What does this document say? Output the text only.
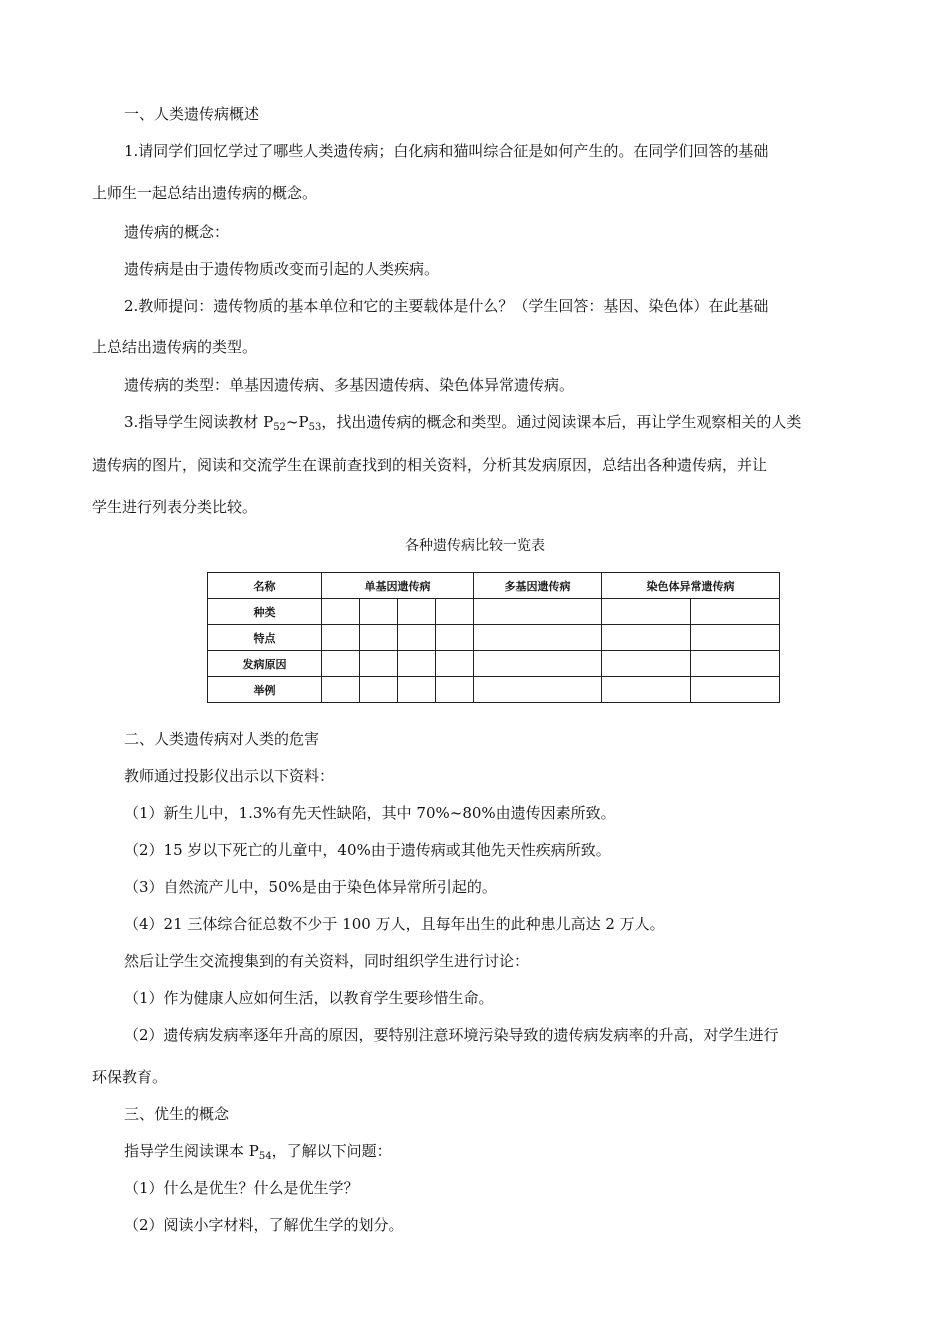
一、人类遗传病概述
1.请同学们回忆学过了哪些人类遗传病；白化病和猫叫综合征是如何产生的。在同学们回答的基础
上师生一起总结出遗传病的概念。
遗传病的概念：
遗传病是由于遗传物质改变而引起的人类疾病。
2.教师提问：遗传物质的基本单位和它的主要载体是什么？（学生回答：基因、染色体）在此基础
上总结出遗传病的类型。
遗传病的类型：单基因遗传病、多基因遗传病、染色体异常遗传病。
3.指导学生阅读教材 $P_{52}\sim P_{53}$，找出遗传病的概念和类型。通过阅读课本后，再让学生观察相关的人类
遗传病的图片，阅读和交流学生在课前查找到的相关资料，分析其发病原因，总结出各种遗传病，并让
学生进行列表分类比较。
各种遗传病比较一览表
名称	单基因遗传病				多基因遗传病	染色体异常遗传病	
种类							
特点							
发病原因							
举例							
二、人类遗传病对人类的危害
教师通过投影仪出示以下资料：
（1）新生儿中，1.3%有先天性缺陷，其中 70%~80%由遗传因素所致。
（2）15 岁以下死亡的儿童中，40%由于遗传病或其他先天性疾病所致。
（3）自然流产儿中，50%是由于染色体异常所引起的。
（4）21 三体综合征总数不少于 100 万人，且每年出生的此种患儿高达 2 万人。
然后让学生交流搜集到的有关资料，同时组织学生进行讨论：
（1）作为健康人应如何生活，以教育学生要珍惜生命。
（2）遗传病发病率逐年升高的原因，要特别注意环境污染导致的遗传病发病率的升高，对学生进行
环保教育。
三、优生的概念
指导学生阅读课本 $P_{54}$，了解以下问题：
（1）什么是优生？什么是优生学？
（2）阅读小字材料，了解优生学的划分。
